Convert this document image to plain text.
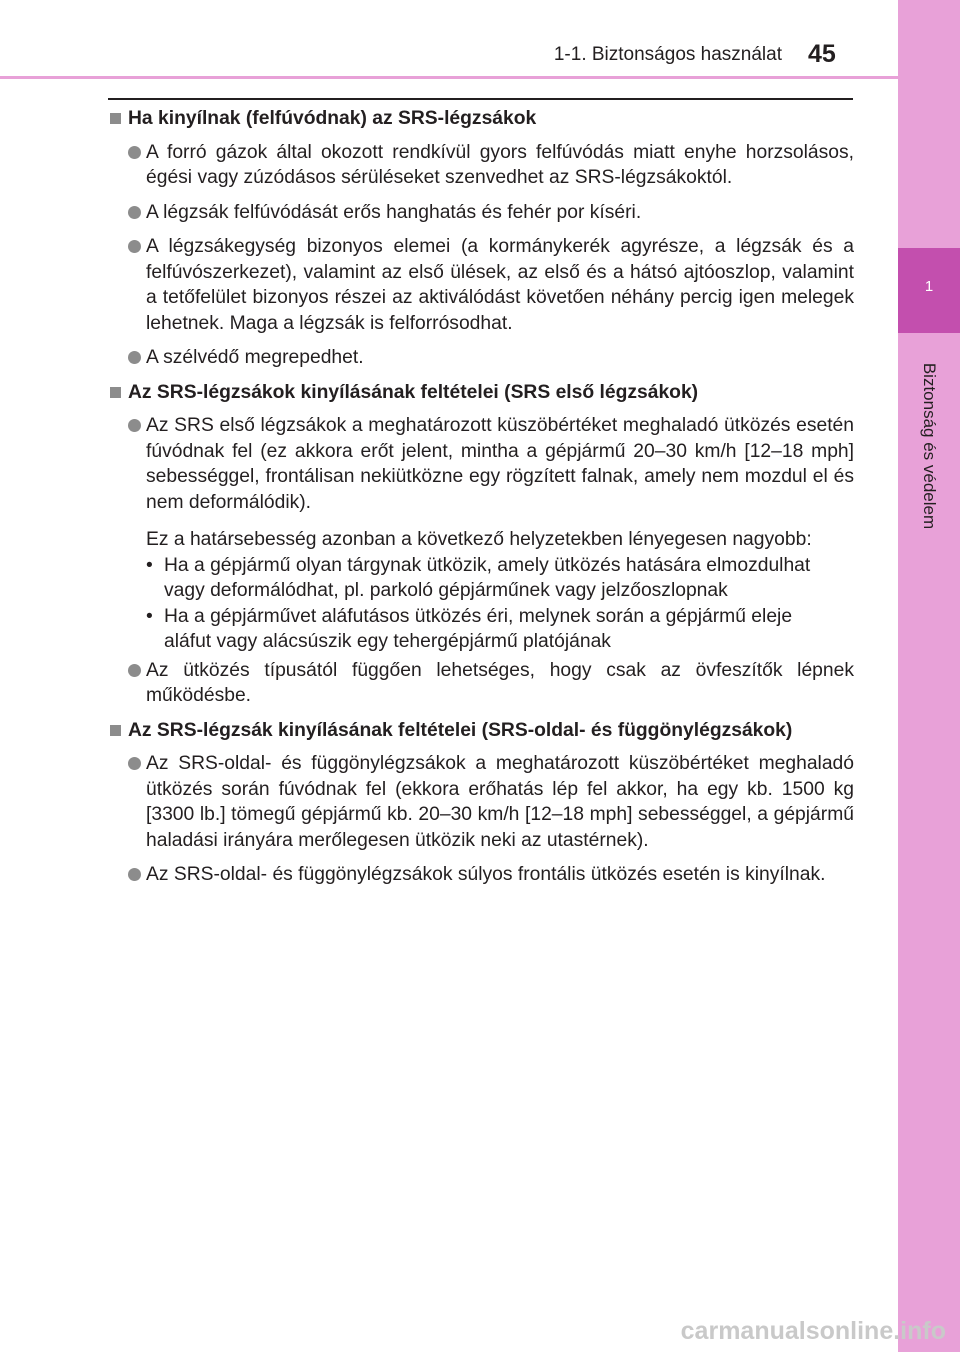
1-1. Biztonságos használat 45
1
Biztonság és védelem
Ha kinyílnak (felfúvódnak) az SRS-légzsákok
A forró gázok által okozott rendkívül gyors felfúvódás miatt enyhe horzsolásos, égési vagy zúzódásos sérüléseket szenvedhet az SRS-légzsákoktól.
A légzsák felfúvódását erős hanghatás és fehér por kíséri.
A légzsákegység bizonyos elemei (a kormánykerék agyrésze, a légzsák és a felfúvószerkezet), valamint az első ülések, az első és a hátsó ajtóoszlop, valamint a tetőfelület bizonyos részei az aktiválódást követően néhány percig igen melegek lehetnek. Maga a légzsák is felforrósodhat.
A szélvédő megrepedhet.
Az SRS-légzsákok kinyílásának feltételei (SRS első légzsákok)
Az SRS első légzsákok a meghatározott küszöbértéket meghaladó ütközés esetén fúvódnak fel (ez akkora erőt jelent, mintha a gépjármű 20–30 km/h [12–18 mph] sebességgel, frontálisan nekiütközne egy rögzített falnak, amely nem mozdul el és nem deformálódik).
Ez a határsebesség azonban a következő helyzetekben lényegesen nagyobb:
• Ha a gépjármű olyan tárgynak ütközik, amely ütközés hatására elmozdulhat vagy deformálódhat, pl. parkoló gépjárműnek vagy jelzőoszlopnak
• Ha a gépjárművet aláfutásos ütközés éri, melynek során a gépjármű eleje aláfut vagy alácsúszik egy tehergépjármű platójának
Az ütközés típusától függően lehetséges, hogy csak az övfeszítők lépnek működésbe.
Az SRS-légzsák kinyílásának feltételei (SRS-oldal- és függönylégzsákok)
Az SRS-oldal- és függönylégzsákok a meghatározott küszöbértéket meghaladó ütközés során fúvódnak fel (ekkora erőhatás lép fel akkor, ha egy kb. 1500 kg [3300 lb.] tömegű gépjármű kb. 20–30 km/h [12–18 mph] sebességgel, a gépjármű haladási irányára merőlegesen ütközik neki az utastérnek).
Az SRS-oldal- és függönylégzsákok súlyos frontális ütközés esetén is kinyílnak.
carmanualsonline.info
